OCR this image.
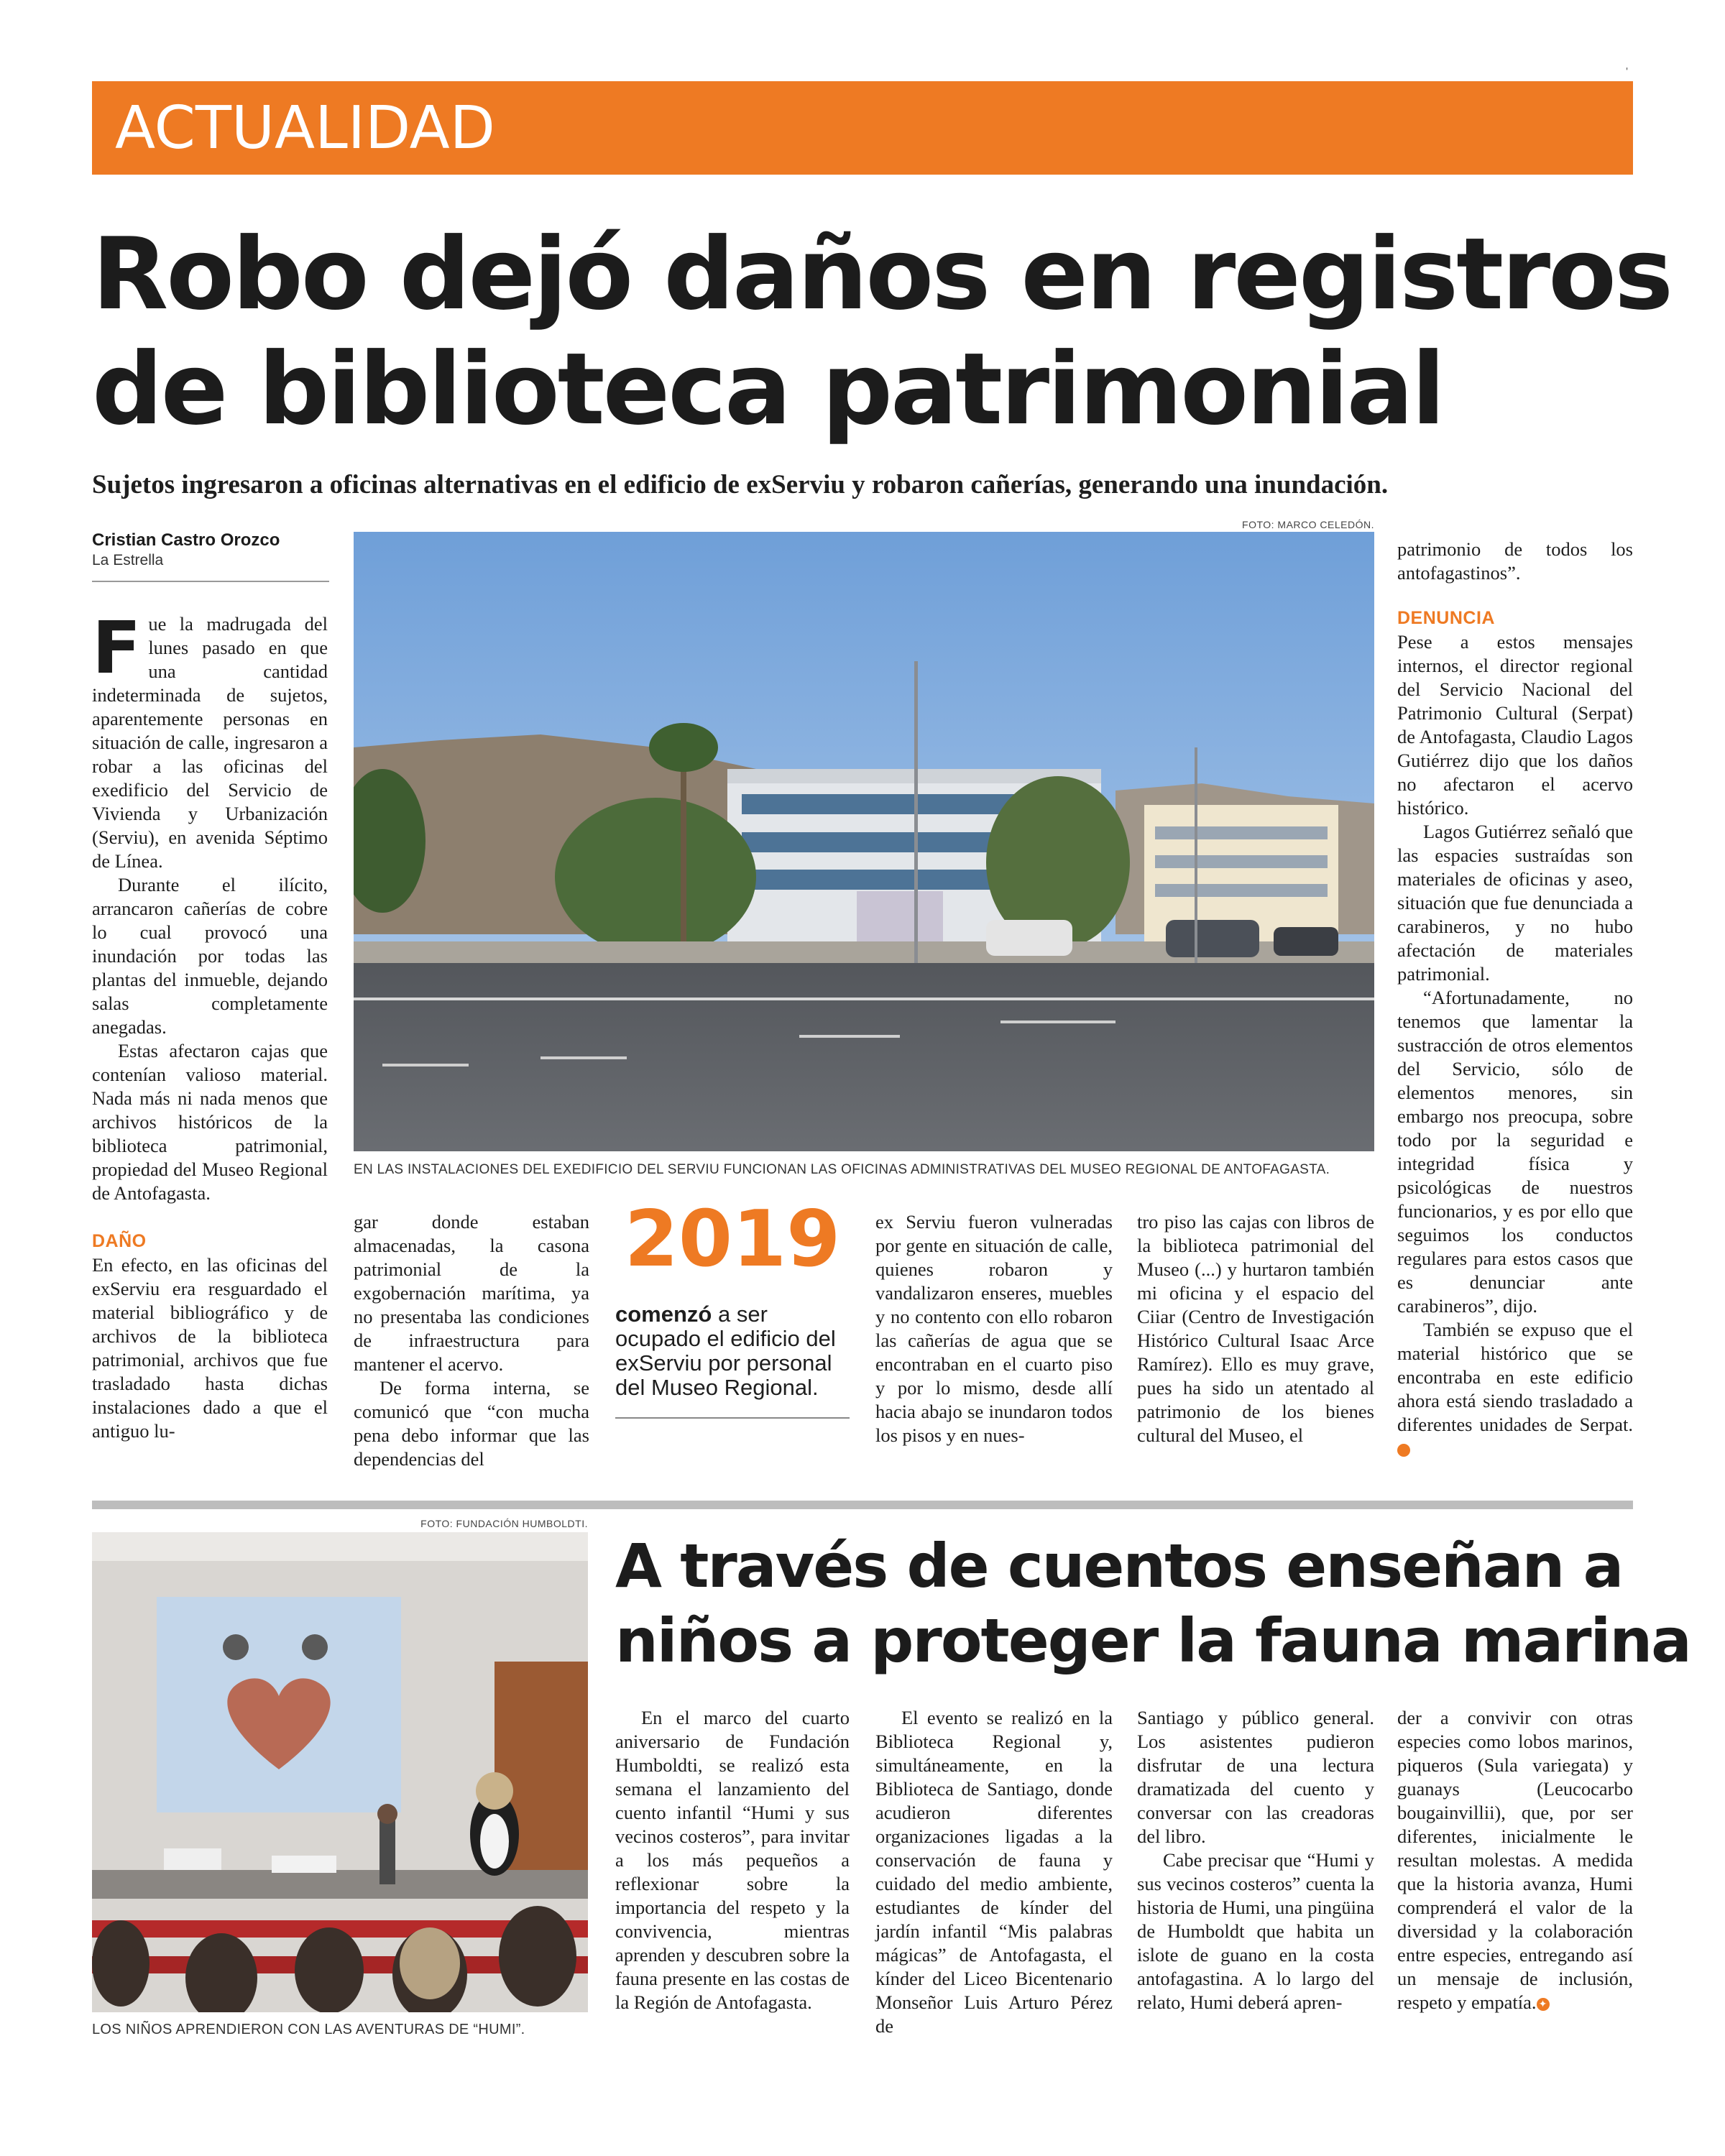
'
ACTUALIDAD
Robo dejó daños en registros
de biblioteca patrimonial
Sujetos ingresaron a oficinas alternativas en el edificio de exServiu y robaron cañerías, generando una inundación.
Cristian Castro Orozco
La Estrella

Fue la madrugada del lunes pasado en que una cantidad indeterminada de sujetos, aparentemente personas en situación de calle, ingresaron a robar a las oficinas del exedificio del Servicio de Vivienda y Urbanización (Serviu), en avenida Séptimo de Línea.

Durante el ilícito, arrancaron cañerías de cobre lo cual provocó una inundación por todas las plantas del inmueble, dejando salas completamente anegadas.

Estas afectaron cajas que contenían valioso material. Nada más ni nada menos que archivos históricos de la biblioteca patrimonial, propiedad del Museo Regional de Antofagasta.

DAÑO

En efecto, en las oficinas del exServiu era resguardado el material bibliográfico y de archivos de la biblioteca patrimonial, archivos que fue trasladado hasta dichas instalaciones dado a que el antiguo lu-

FOTO: MARCO CELEDÓN.
EN LAS INSTALACIONES DEL EXEDIFICIO DEL SERVIU FUNCIONAN LAS OFICINAS ADMINISTRATIVAS DEL MUSEO REGIONAL DE ANTOFAGASTA.

gar donde estaban almacenadas, la casona patrimonial de la exgobernación marítima, ya no presentaba las condiciones de infraestructura para mantener el acervo.

De forma interna, se comunicó que “con mucha pena debo informar que las dependencias del

2019
comenzó a ser ocupado el edificio del exServiu por personal del Museo Regional.

ex Serviu fueron vulneradas por gente en situación de calle, quienes robaron y vandalizaron enseres, muebles y no contento con ello robaron las cañerías de agua que se encontraban en el cuarto piso y por lo mismo, desde allí hacia abajo se inundaron todos los pisos y en nues-

tro piso las cajas con libros de la biblioteca patrimonial del Museo (...) y hurtaron también mi oficina y el espacio del Ciiar (Centro de Investigación Histórico Cultural Isaac Arce Ramírez). Ello es muy grave, pues ha sido un atentado al patrimonio de los bienes cultural del Museo, el

patrimonio de todos los antofagastinos”.

DENUNCIA

Pese a estos mensajes internos, el director regional del Servicio Nacional del Patrimonio Cultural (Serpat) de Antofagasta, Claudio Lagos Gutiérrez dijo que los daños no afectaron el acervo histórico.

Lagos Gutiérrez señaló que las espacies sustraídas son materiales de oficinas y aseo, situación que fue denunciada a carabineros, y no hubo afectación de materiales patrimonial.

“Afortunadamente, no tenemos que lamentar la sustracción de otros elementos del Servicio, sólo de elementos menores, sin embargo nos preocupa, sobre todo por la seguridad e integridad física y psicológicas de nuestros funcionarios, y es por ello que seguimos los conductos regulares para estos casos que es denunciar ante carabineros”, dijo.

También se expuso que el material histórico que se encontraba en este edificio ahora está siendo trasladado a diferentes unidades de Serpat.✦

FOTO: FUNDACIÓN HUMBOLDTI.
LOS NIÑOS APRENDIERON CON LAS AVENTURAS DE “HUMI”.
A través de cuentos enseñan a
niños a proteger la fauna marina

En el marco del cuarto aniversario de Fundación Humboldti, se realizó esta semana el lanzamiento del cuento infantil “Humi y sus vecinos costeros”, para invitar a los más pequeños a reflexionar sobre la importancia del respeto y la convivencia, mientras aprenden y descubren sobre la fauna presente en las costas de la Región de Antofagasta.

El evento se realizó en la Biblioteca Regional y, simultáneamente, en la Biblioteca de Santiago, donde acudieron diferentes organizaciones ligadas a la conservación de fauna y cuidado del medio ambiente, estudiantes de kínder del jardín infantil “Mis palabras mágicas” de Antofagasta, el kínder del Liceo Bicentenario Monseñor Luis Arturo Pérez de

Santiago y público general. Los asistentes pudieron disfrutar de una lectura dramatizada del cuento y conversar con las creadoras del libro.

Cabe precisar que “Humi y sus vecinos costeros” cuenta la historia de Humi, una pingüina de Humboldt que habita un islote de guano en la costa antofagastina. A lo largo del relato, Humi deberá apren-

der a convivir con otras especies como lobos marinos, piqueros (Sula variegata) y guanays (Leucocarbo bougainvillii), que, por ser diferentes, inicialmente le resultan molestas. A medida que la historia avanza, Humi comprenderá el valor de la diversidad y la colaboración entre especies, entregando así un mensaje de inclusión, respeto y empatía. ✦
